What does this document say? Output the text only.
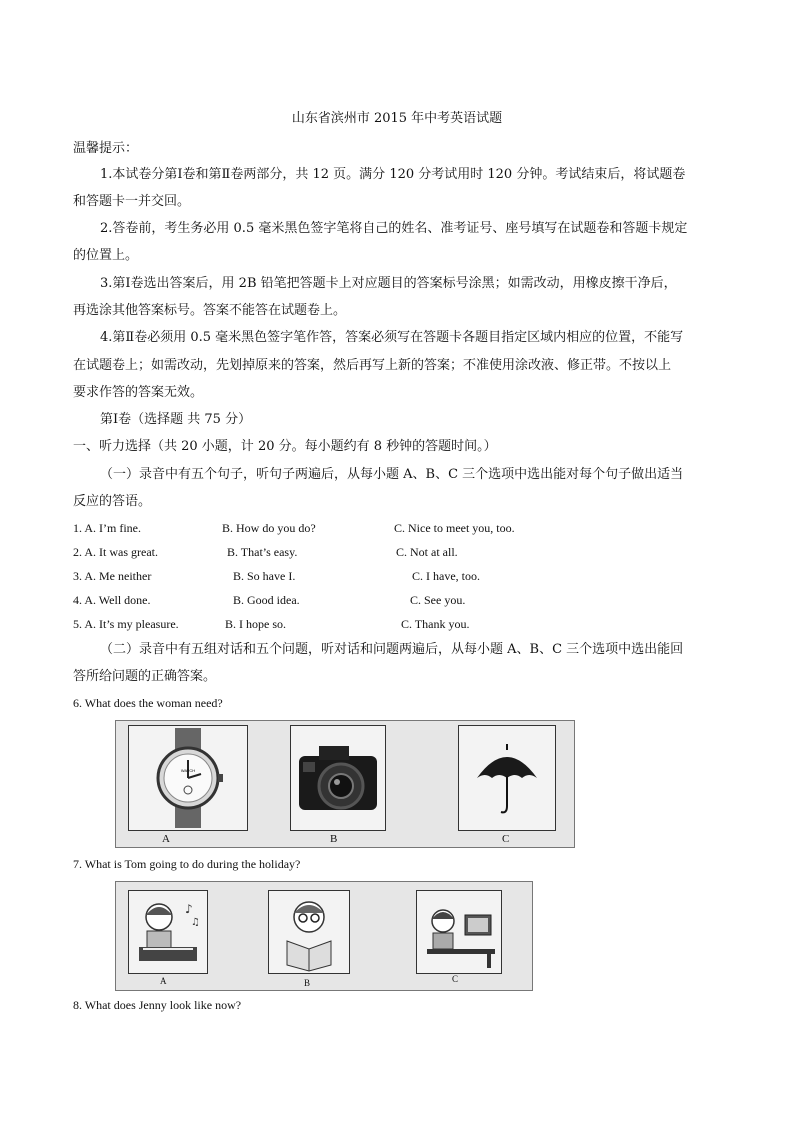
山东省滨州市 2015 年中考英语试题
温馨提示：
1.本试卷分第Ⅰ卷和第Ⅱ卷两部分，共 12 页。满分 120 分考试用时 120 分钟。考试结束后，将试题卷
和答题卡一并交回。
2.答卷前，考生务必用 0.5 毫米黑色签字笔将自己的姓名、准考证号、座号填写在试题卷和答题卡规定
的位置上。
3.第Ⅰ卷选出答案后，用 2B 铅笔把答题卡上对应题目的答案标号涂黑；如需改动，用橡皮擦干净后，
再选涂其他答案标号。答案不能答在试题卷上。
4.第Ⅱ卷必须用 0.5 毫米黑色签字笔作答，答案必须写在答题卡各题目指定区域内相应的位置，不能写
在试题卷上；如需改动，先划掉原来的答案，然后再写上新的答案；不准使用涂改液、修正带。不按以上
要求作答的答案无效。
第Ⅰ卷（选择题 共 75 分）
一、听力选择（共 20 小题，计 20 分。每小题约有 8 秒钟的答题时间。）
（一）录音中有五个句子，听句子两遍后，从每小题 A、B、C 三个选项中选出能对每个句子做出适当
反应的答语。
1. A. I’m fine.	B. How do you do?	C. Nice to meet you, too.
2. A. It was great.	B. That’s easy.	C. Not at all.
3. A. Me neither	B. So have I.	C. I have, too.
4. A. Well done.	B. Good idea.	C. See you.
5. A. It’s my pleasure.	B. I hope so.	C. Thank you.
（二）录音中有五组对话和五个问题，听对话和问题两遍后，从每小题 A、B、C 三个选项中选出能回
答所给问题的正确答案。
6. What does the woman need?
WATCH
A	B	C
7. What is Tom going to do during the holiday?
♪
♫
A	B	C
8. What does Jenny look like now?
